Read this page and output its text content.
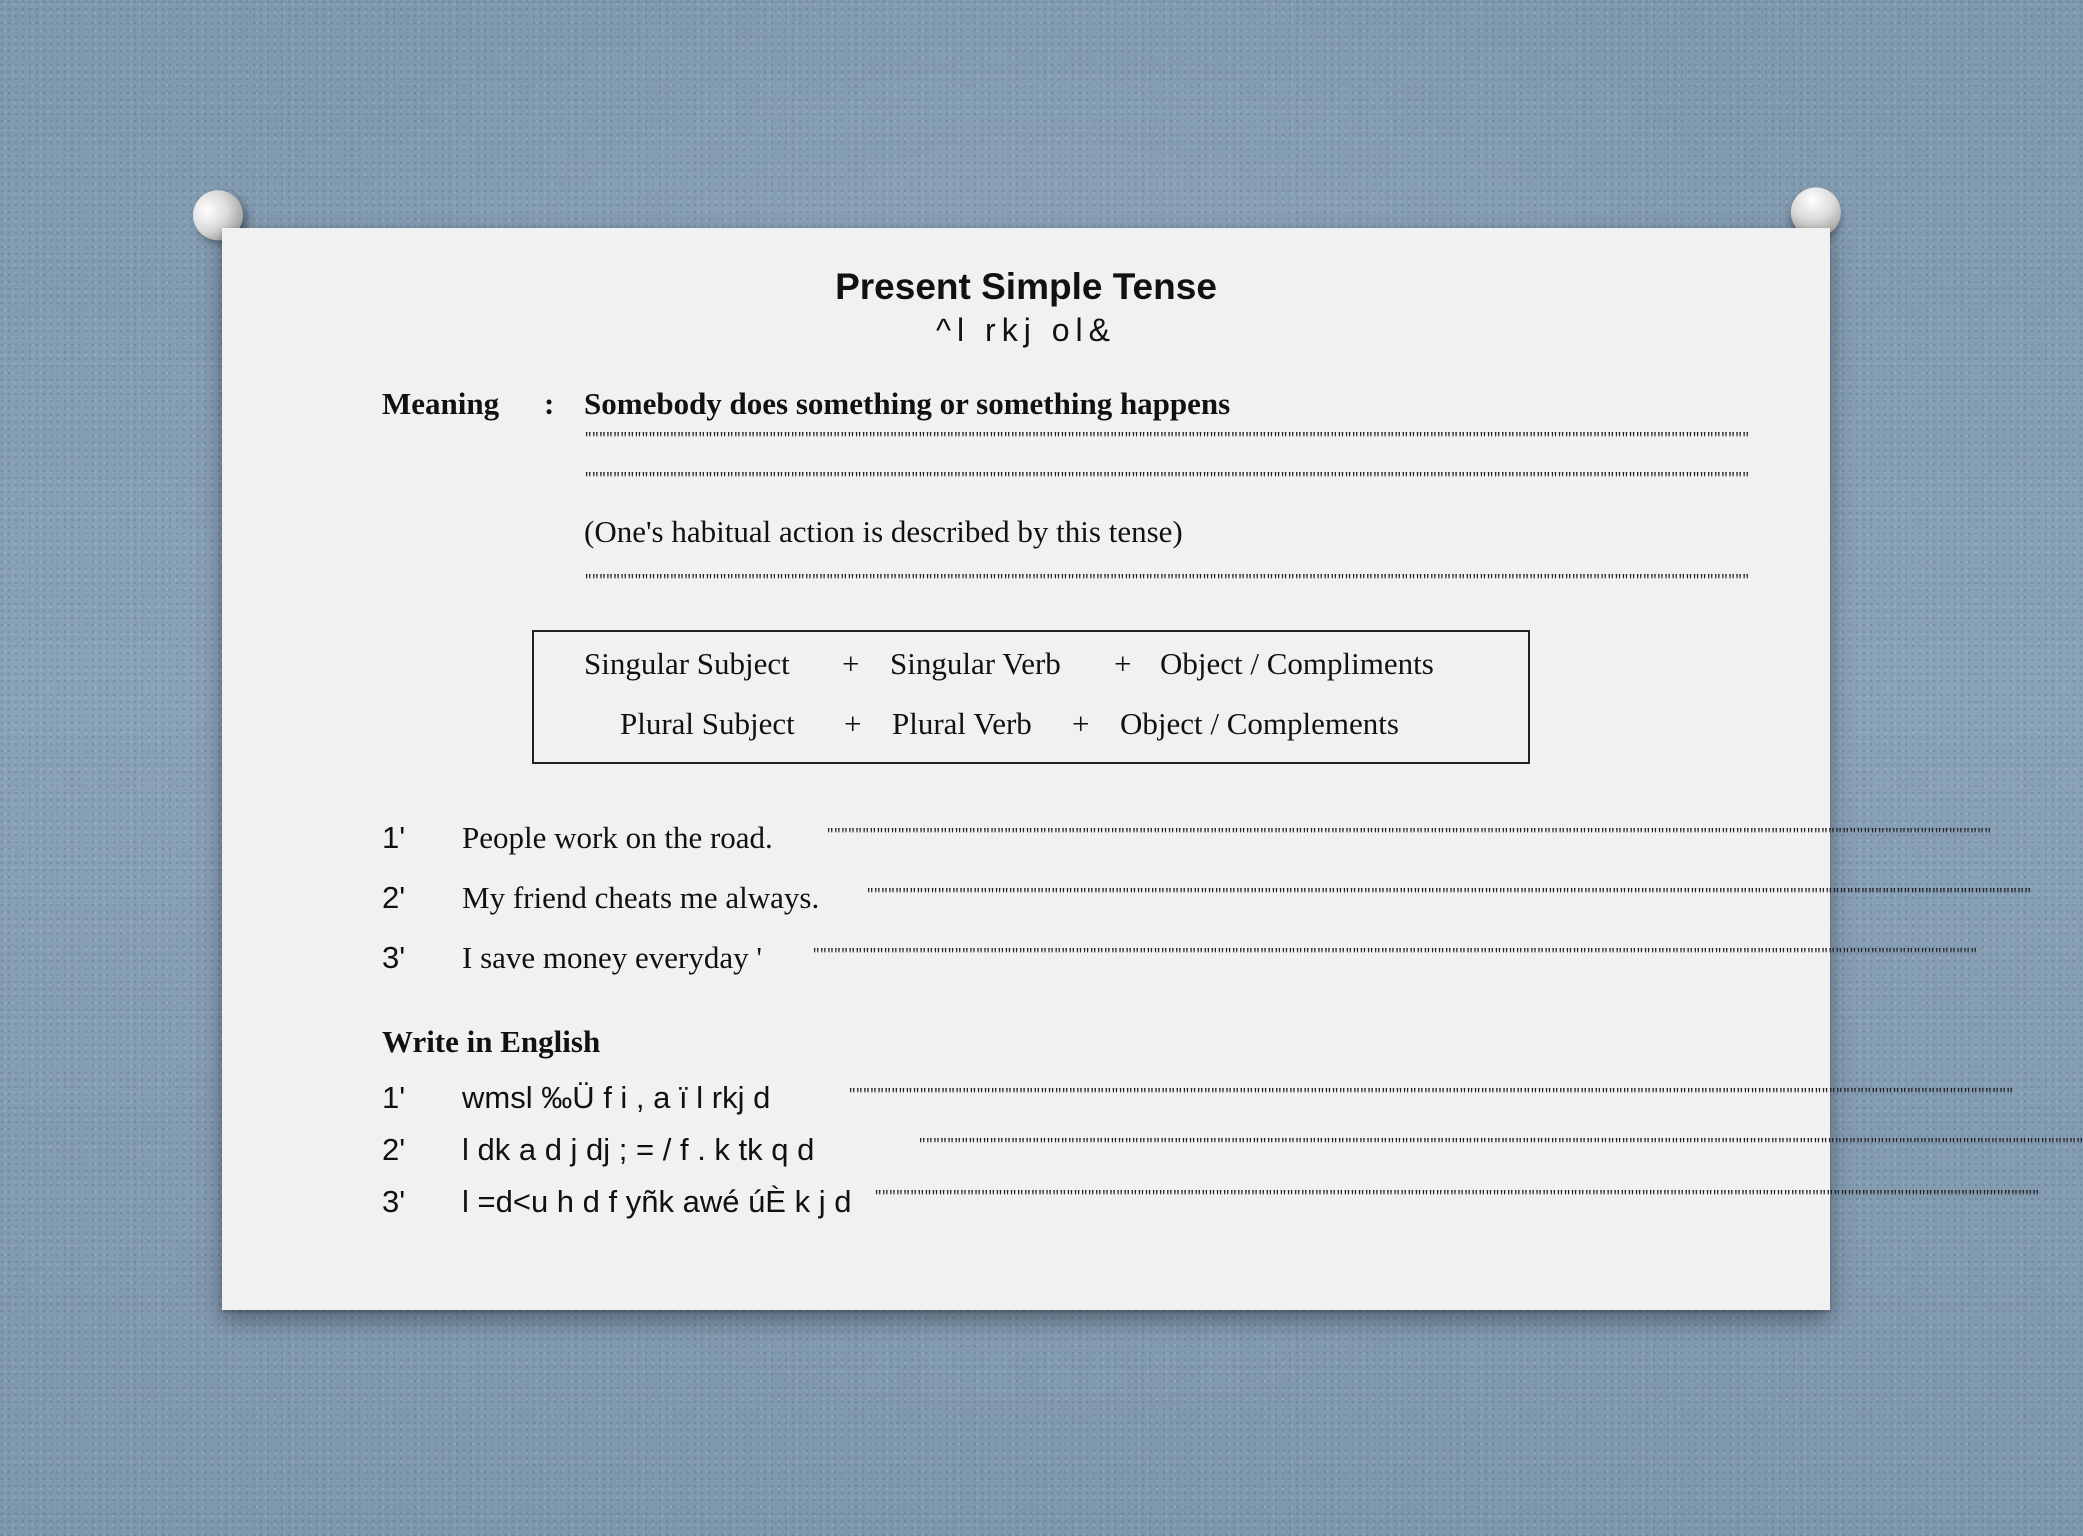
Present Simple Tense
^l rkj ol&
Meaning : Somebody does something or something happens
""""""""""""""""""""""""""""""""""""""""""""""""""""""""""""""""""""""""""""""""""""""""""""""""""""""""""""""""""""""""""""""""""""""""""""""""""""""""""""""""""""
""""""""""""""""""""""""""""""""""""""""""""""""""""""""""""""""""""""""""""""""""""""""""""""""""""""""""""""""""""""""""""""""""""""""""""""""""""""""""""""""""""
(One's habitual action is described by this tense)
""""""""""""""""""""""""""""""""""""""""""""""""""""""""""""""""""""""""""""""""""""""""""""""""""""""""""""""""""""""""""""""""""""""""""""""""""""""""""""""""""""
Singular Subject + Singular Verb + Object / Compliments
Plural Subject + Plural Verb + Object / Complements
1' People work on the road.	""""""""""""""""""""""""""""""""""""""""""""""""""""""""""""""""""""""""""""""""""""""""""""""""""""""""""""""""""""""""""""""""""""""""""""""""""""""""""""""""""""
2' My friend cheats me always.	""""""""""""""""""""""""""""""""""""""""""""""""""""""""""""""""""""""""""""""""""""""""""""""""""""""""""""""""""""""""""""""""""""""""""""""""""""""""""""""""""""
3' I save money everyday '	""""""""""""""""""""""""""""""""""""""""""""""""""""""""""""""""""""""""""""""""""""""""""""""""""""""""""""""""""""""""""""""""""""""""""""""""""""""""""""""""""""
Write in English
1' wmsl ‰Ü f i , a ï l rkj d	""""""""""""""""""""""""""""""""""""""""""""""""""""""""""""""""""""""""""""""""""""""""""""""""""""""""""""""""""""""""""""""""""""""""""""""""""""""""""""""""""""
2' l dk a d j dj ; = / f . k tk q d	""""""""""""""""""""""""""""""""""""""""""""""""""""""""""""""""""""""""""""""""""""""""""""""""""""""""""""""""""""""""""""""""""""""""""""""""""""""""""""""""""""
3' l =d<u h d f yñk awé úÈ k j d """"""""""""""""""""""""""""""""""""""""""""""""""""""""""""""""""""""""""""""""""""""""""""""""""""""""""""""""""""""""""""""""""""""""""""""""""""""""""""""""""""
